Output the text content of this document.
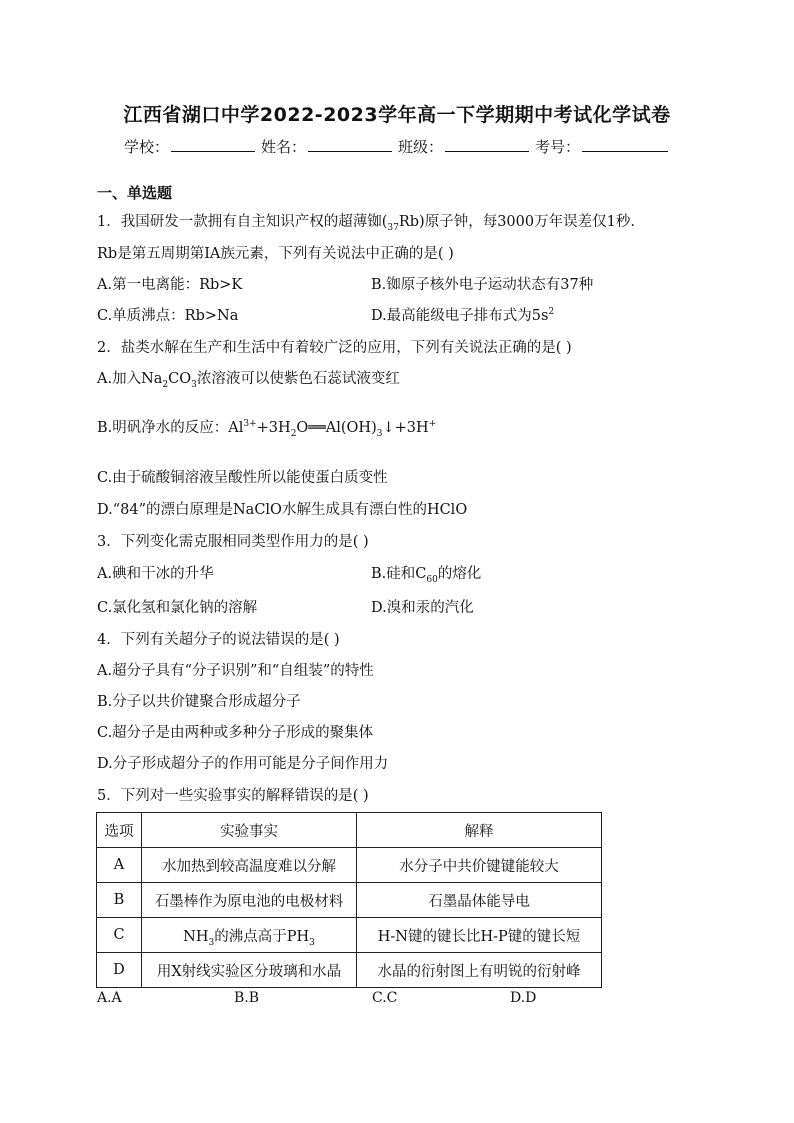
江西省湖口中学2022-2023学年高一下学期期中考试化学试卷
学校：	姓名：	班级：	考号：
一、单选题
1．我国研发一款拥有自主知识产权的超薄铷$(_{37}Rb)$原子钟，每3000万年误差仅1秒.
Rb是第五周期第ⅠA族元素，下列有关说法中正确的是( )
A.第一电离能：Rb>K	B.铷原子核外电子运动状态有37种
C.单质沸点：Rb>Na	D.最高能级电子排布式为$5s^2$
2．盐类水解在生产和生活中有着较广泛的应用，下列有关说法正确的是( )
A.加入$Na_2CO_3$浓溶液可以使紫色石蕊试液变红
B.明矾净水的反应：$Al^{3+}+3H_2O══Al(OH)_3↓+3H^+$
C.由于硫酸铜溶液呈酸性所以能使蛋白质变性
D.“84”的漂白原理是NaClO水解生成具有漂白性的HClO
3．下列变化需克服相同类型作用力的是( )
A.碘和干冰的升华	B.硅和$C_{60}$的熔化
C.氯化氢和氯化钠的溶解	D.溴和汞的汽化
4．下列有关超分子的说法错误的是( )
A.超分子具有“分子识别”和“自组装”的特性
B.分子以共价键聚合形成超分子
C.超分子是由两种或多种分子形成的聚集体
D.分子形成超分子的作用可能是分子间作用力
5．下列对一些实验事实的解释错误的是( )
选项	实验事实	解释
A	水加热到较高温度难以分解	水分子中共价键键能较大
B	石墨棒作为原电池的电极材料	石墨晶体能导电
C	$NH_3$的沸点高于$PH_3$	H-N键的键长比H-P键的键长短
D	用X射线实验区分玻璃和水晶	水晶的衍射图上有明锐的衍射峰
A.A	B.B	C.C	D.D
